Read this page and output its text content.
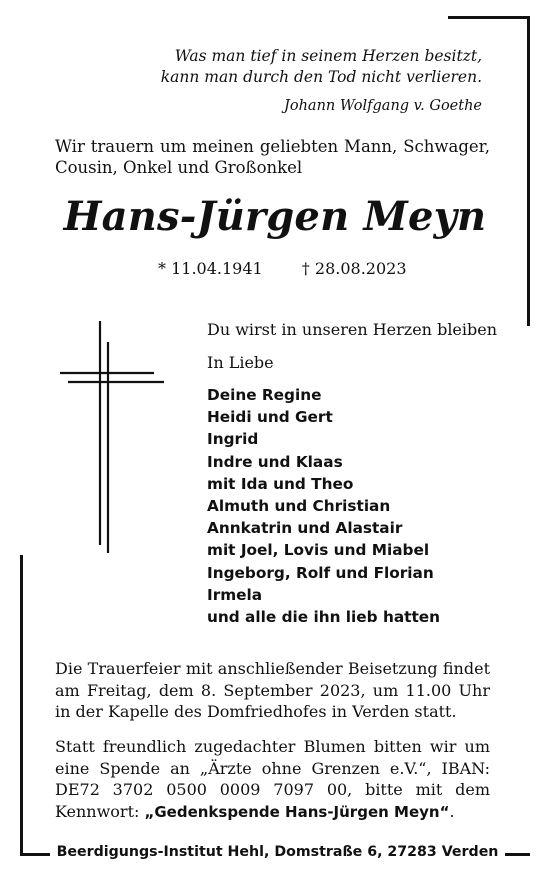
Was man tief in seinem Herzen besitzt,
kann man durch den Tod nicht verlieren.
Johann Wolfgang v. Goethe
Wir trauern um meinen geliebten Mann, Schwager, Cousin, Onkel und Großonkel
Hans-Jürgen Meyn
* 11.04.1941 † 28.08.2023
Du wirst in unseren Herzen bleiben
In Liebe
Deine Regine
Heidi und Gert
Ingrid
Indre und Klaas
mit Ida und Theo
Almuth und Christian
Annkatrin und Alastair
mit Joel, Lovis und Miabel
Ingeborg, Rolf und Florian
Irmela
und alle die ihn lieb hatten
Die Trauerfeier mit anschließender Beisetzung findet am Freitag, dem 8. September 2023, um 11.00 Uhr in der Kapelle des Domfriedhofes in Verden statt.
Statt freundlich zugedachter Blumen bitten wir um eine Spende an „Ärzte ohne Grenzen e.V.“, IBAN: DE72 3702 0500 0009 7097 00, bitte mit dem Kennwort: „Gedenkspende Hans-Jürgen Meyn“.
Beerdigungs-Institut Hehl, Domstraße 6, 27283 Verden
